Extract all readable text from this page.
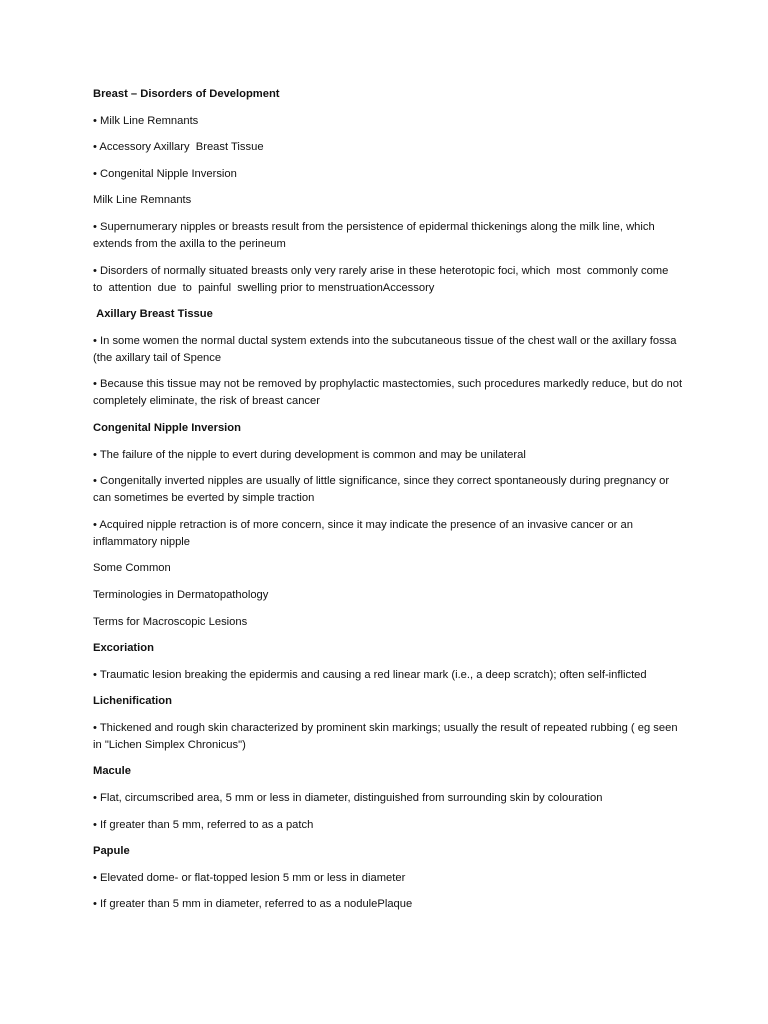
Breast – Disorders of Development

• Milk Line Remnants

• Accessory Axillary  Breast Tissue

• Congenital Nipple Inversion

Milk Line Remnants

• Supernumerary nipples or breasts result from the persistence of epidermal thickenings along the milk line, which extends from the axilla to the perineum

• Disorders of normally situated breasts only very rarely arise in these heterotopic foci, which  most  commonly come  to  attention  due  to  painful  swelling prior to menstruationAccessory

Axillary Breast Tissue

• In some women the normal ductal system extends into the subcutaneous tissue of the chest wall or the axillary fossa (the axillary tail of Spence

• Because this tissue may not be removed by prophylactic mastectomies, such procedures markedly reduce, but do not completely eliminate, the risk of breast cancer

Congenital Nipple Inversion

• The failure of the nipple to evert during development is common and may be unilateral

• Congenitally inverted nipples are usually of little significance, since they correct spontaneously during pregnancy or can sometimes be everted by simple traction

• Acquired nipple retraction is of more concern, since it may indicate the presence of an invasive cancer or an inflammatory nipple

Some Common

Terminologies in Dermatopathology

Terms for Macroscopic Lesions

Excoriation

• Traumatic lesion breaking the epidermis and causing a red linear mark (i.e., a deep scratch); often self-inflicted

Lichenification

• Thickened and rough skin characterized by prominent skin markings; usually the result of repeated rubbing ( eg seen in "Lichen Simplex Chronicus")

Macule

• Flat, circumscribed area, 5 mm or less in diameter, distinguished from surrounding skin by colouration

• If greater than 5 mm, referred to as a patch

Papule

• Elevated dome- or flat-topped lesion 5 mm or less in diameter

• If greater than 5 mm in diameter, referred to as a nodulePlaque
